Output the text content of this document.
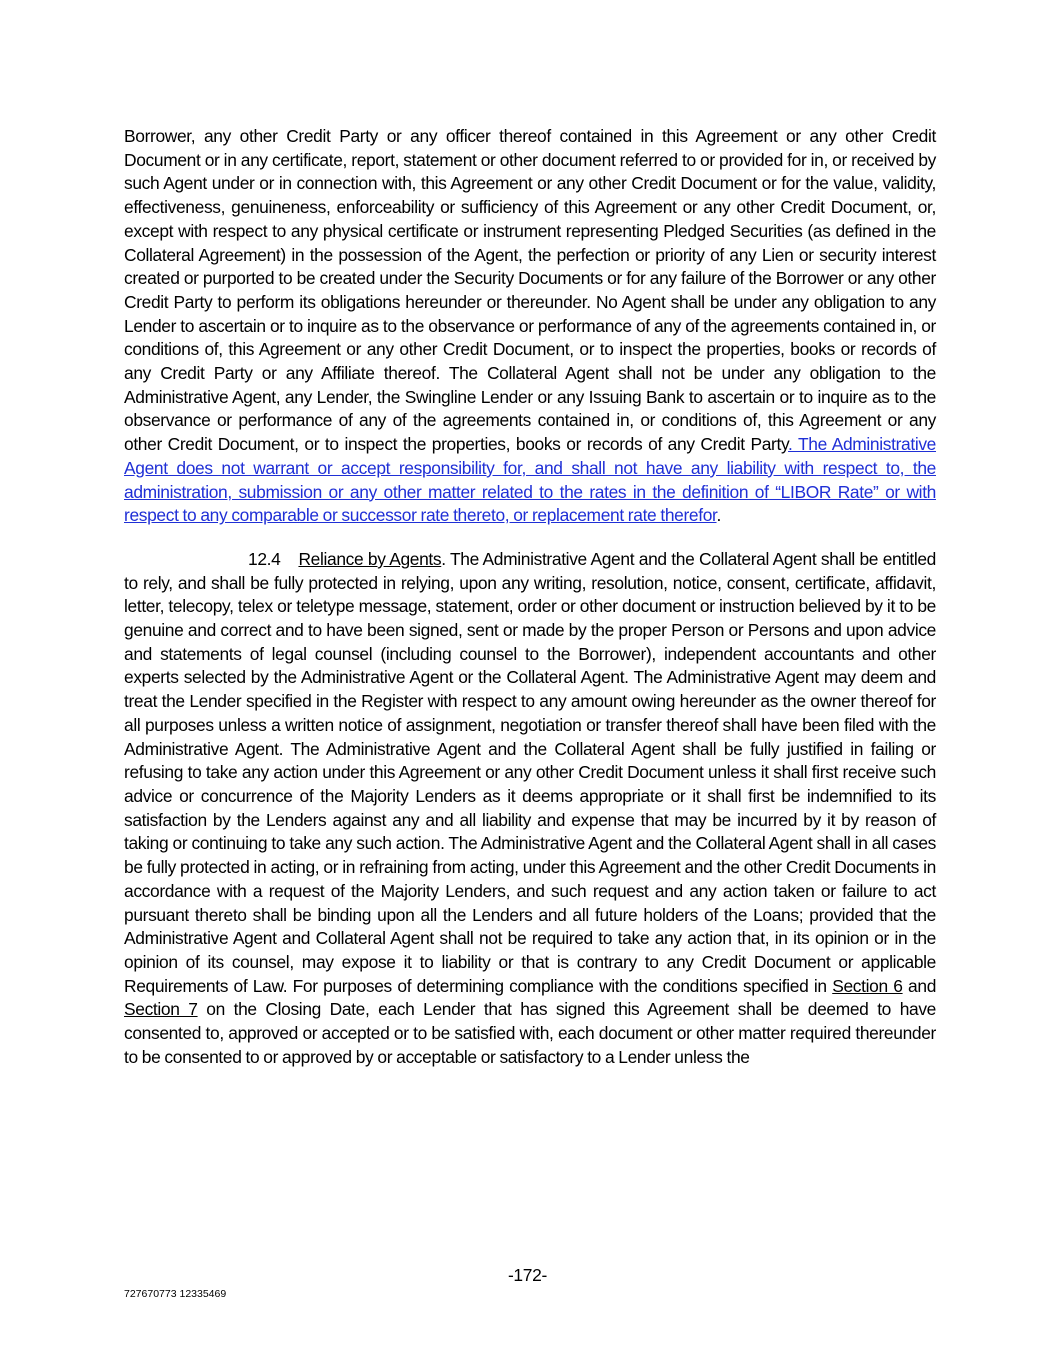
Borrower, any other Credit Party or any officer thereof contained in this Agreement or any other Credit Document or in any certificate, report, statement or other document referred to or provided for in, or received by such Agent under or in connection with, this Agreement or any other Credit Document or for the value, validity, effectiveness, genuineness, enforceability or sufficiency of this Agreement or any other Credit Document, or, except with respect to any physical certificate or instrument representing Pledged Securities (as defined in the Collateral Agreement) in the possession of the Agent, the perfection or priority of any Lien or security interest created or purported to be created under the Security Documents or for any failure of the Borrower or any other Credit Party to perform its obligations hereunder or thereunder. No Agent shall be under any obligation to any Lender to ascertain or to inquire as to the observance or performance of any of the agreements contained in, or conditions of, this Agreement or any other Credit Document, or to inspect the properties, books or records of any Credit Party or any Affiliate thereof. The Collateral Agent shall not be under any obligation to the Administrative Agent, any Lender, the Swingline Lender or any Issuing Bank to ascertain or to inquire as to the observance or performance of any of the agreements contained in, or conditions of, this Agreement or any other Credit Document, or to inspect the properties, books or records of any Credit Party. The Administrative Agent does not warrant or accept responsibility for, and shall not have any liability with respect to, the administration, submission or any other matter related to the rates in the definition of “LIBOR Rate” or with respect to any comparable or successor rate thereto, or replacement rate therefor.

12.4 Reliance by Agents. The Administrative Agent and the Collateral Agent shall be entitled to rely, and shall be fully protected in relying, upon any writing, resolution, notice, consent, certificate, affidavit, letter, telecopy, telex or teletype message, statement, order or other document or instruction believed by it to be genuine and correct and to have been signed, sent or made by the proper Person or Persons and upon advice and statements of legal counsel (including counsel to the Borrower), independent accountants and other experts selected by the Administrative Agent or the Collateral Agent. The Administrative Agent may deem and treat the Lender specified in the Register with respect to any amount owing hereunder as the owner thereof for all purposes unless a written notice of assignment, negotiation or transfer thereof shall have been filed with the Administrative Agent. The Administrative Agent and the Collateral Agent shall be fully justified in failing or refusing to take any action under this Agreement or any other Credit Document unless it shall first receive such advice or concurrence of the Majority Lenders as it deems appropriate or it shall first be indemnified to its satisfaction by the Lenders against any and all liability and expense that may be incurred by it by reason of taking or continuing to take any such action. The Administrative Agent and the Collateral Agent shall in all cases be fully protected in acting, or in refraining from acting, under this Agreement and the other Credit Documents in accordance with a request of the Majority Lenders, and such request and any action taken or failure to act pursuant thereto shall be binding upon all the Lenders and all future holders of the Loans; provided that the Administrative Agent and Collateral Agent shall not be required to take any action that, in its opinion or in the opinion of its counsel, may expose it to liability or that is contrary to any Credit Document or applicable Requirements of Law. For purposes of determining compliance with the conditions specified in Section 6 and Section 7 on the Closing Date, each Lender that has signed this Agreement shall be deemed to have consented to, approved or accepted or to be satisfied with, each document or other matter required thereunder to be consented to or approved by or acceptable or satisfactory to a Lender unless the

-172-
727670773 12335469
